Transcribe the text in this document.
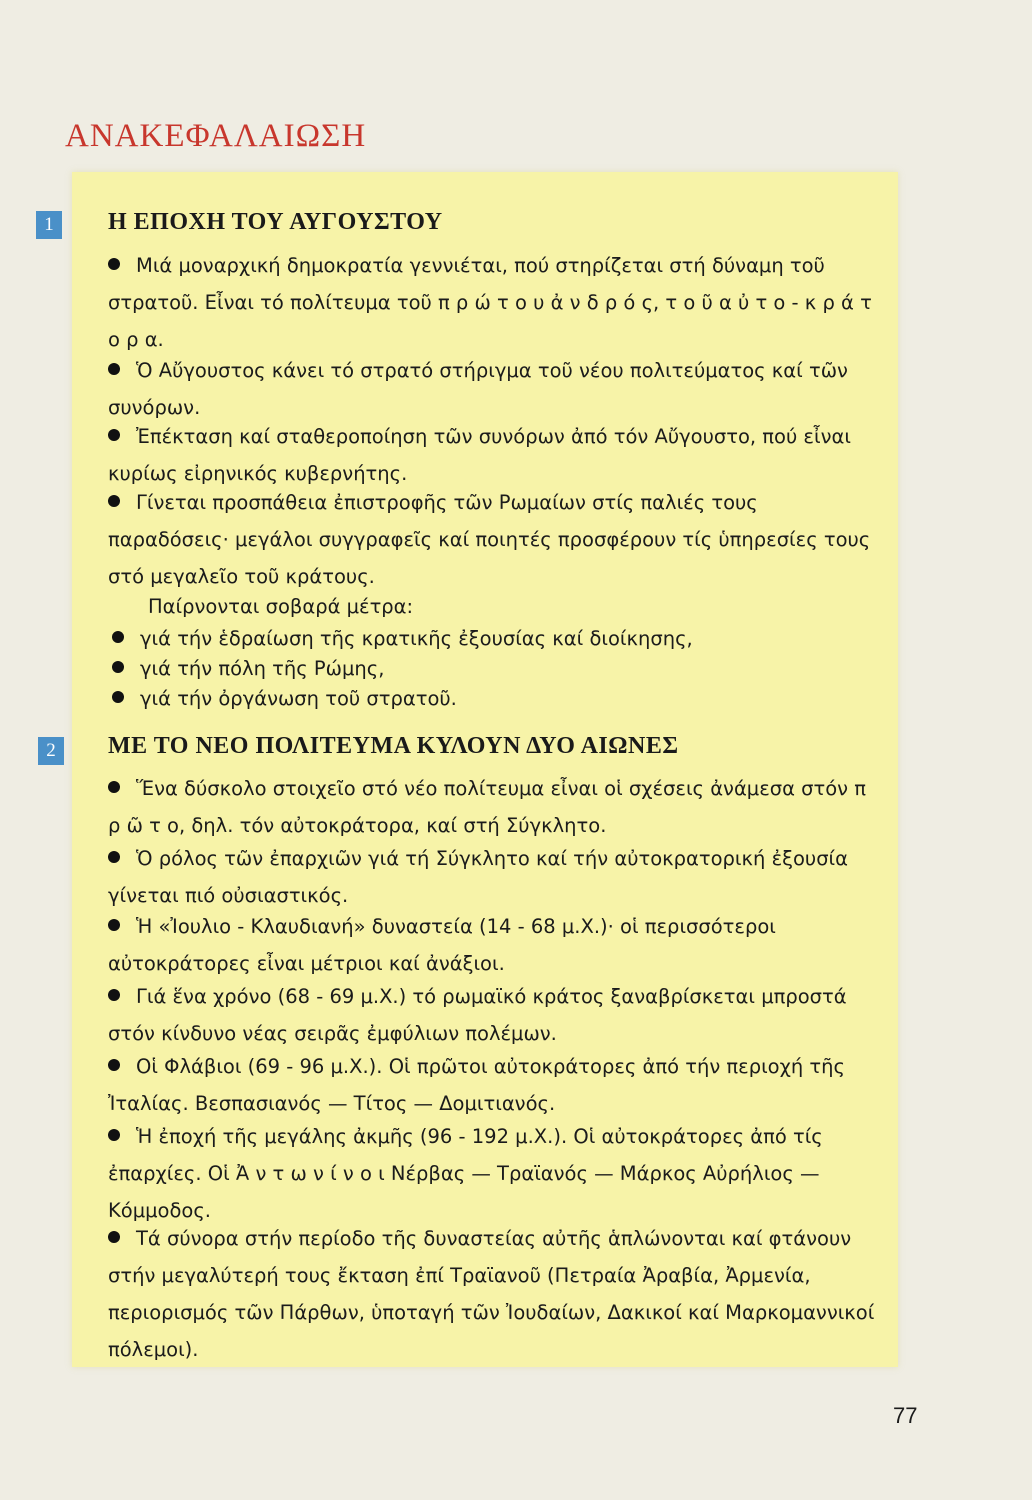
ΑΝΑΚΕΦΑΛΑΙΩΣΗ
1	Η ΕΠΟΧΗ ΤΟΥ ΑΥΓΟΥΣΤΟΥ
Μιά μοναρχική δημοκρατία γεννιέται, πού στηρίζεται στή δύναμη τοῦ στρατοῦ. Εἶναι τό πολίτευμα τοῦ π ρ ώ τ ο υ ἀ ν δ ρ ό ς, τ ο ῦ α ὐ τ ο - κ ρ ά τ ο ρ α.
Ὁ Αὔγουστος κάνει τό στρατό στήριγμα τοῦ νέου πολιτεύματος καί τῶν συνόρων.
Ἐπέκταση καί σταθεροποίηση τῶν συνόρων ἀπό τόν Αὔγουστο, πού εἶναι κυρίως εἰρηνικός κυβερνήτης.
Γίνεται προσπάθεια ἐπιστροφῆς τῶν Ρωμαίων στίς παλιές τους παραδόσεις· μεγάλοι συγγραφεῖς καί ποιητές προσφέρουν τίς ὑπηρεσίες τους στό μεγαλεῖο τοῦ κράτους.
Παίρνονται σοβαρά μέτρα:
γιά τήν ἑδραίωση τῆς κρατικῆς ἐξουσίας καί διοίκησης,
γιά τήν πόλη τῆς Ρώμης,
γιά τήν ὀργάνωση τοῦ στρατοῦ.
2	ΜΕ ΤΟ ΝΕΟ ΠΟΛΙΤΕΥΜΑ ΚΥΛΟΥΝ ΔΥΟ ΑΙΩΝΕΣ
Ἕνα δύσκολο στοιχεῖο στό νέο πολίτευμα εἶναι οἱ σχέσεις ἀνάμεσα στόν π ρ ῶ τ ο, δηλ. τόν αὐτοκράτορα, καί στή Σύγκλητο.
Ὁ ρόλος τῶν ἐπαρχιῶν γιά τή Σύγκλητο καί τήν αὐτοκρατορική ἐξουσία γίνεται πιό οὐσιαστικός.
Ἡ «Ἰουλιο - Κλαυδιανή» δυναστεία (14 - 68 μ.Χ.)· οἱ περισσότεροι αὐτοκράτορες εἶναι μέτριοι καί ἀνάξιοι.
Γιά ἕνα χρόνο (68 - 69 μ.Χ.) τό ρωμαϊκό κράτος ξαναβρίσκεται μπροστά στόν κίνδυνο νέας σειρᾶς ἐμφύλιων πολέμων.
Οἱ Φλάβιοι (69 - 96 μ.Χ.). Οἱ πρῶτοι αὐτοκράτορες ἀπό τήν περιοχή τῆς Ἰταλίας. Βεσπασιανός — Τίτος — Δομιτιανός.
Ἡ ἐποχή τῆς μεγάλης ἀκμῆς (96 - 192 μ.Χ.). Οἱ αὐτοκράτορες ἀπό τίς ἐπαρχίες. Οἱ Ἀ ν τ ω ν ί ν ο ι Νέρβας — Τραϊανός — Μάρκος Αὐρήλιος — Κόμμοδος.
Τά σύνορα στήν περίοδο τῆς δυναστείας αὐτῆς ἁπλώνονται καί φτάνουν στήν μεγαλύτερή τους ἔκταση ἐπί Τραϊανοῦ (Πετραία Ἀραβία, Ἀρμενία, περιορισμός τῶν Πάρθων, ὑποταγή τῶν Ἰουδαίων, Δακικοί καί Μαρκομαννικοί πόλεμοι).
77
